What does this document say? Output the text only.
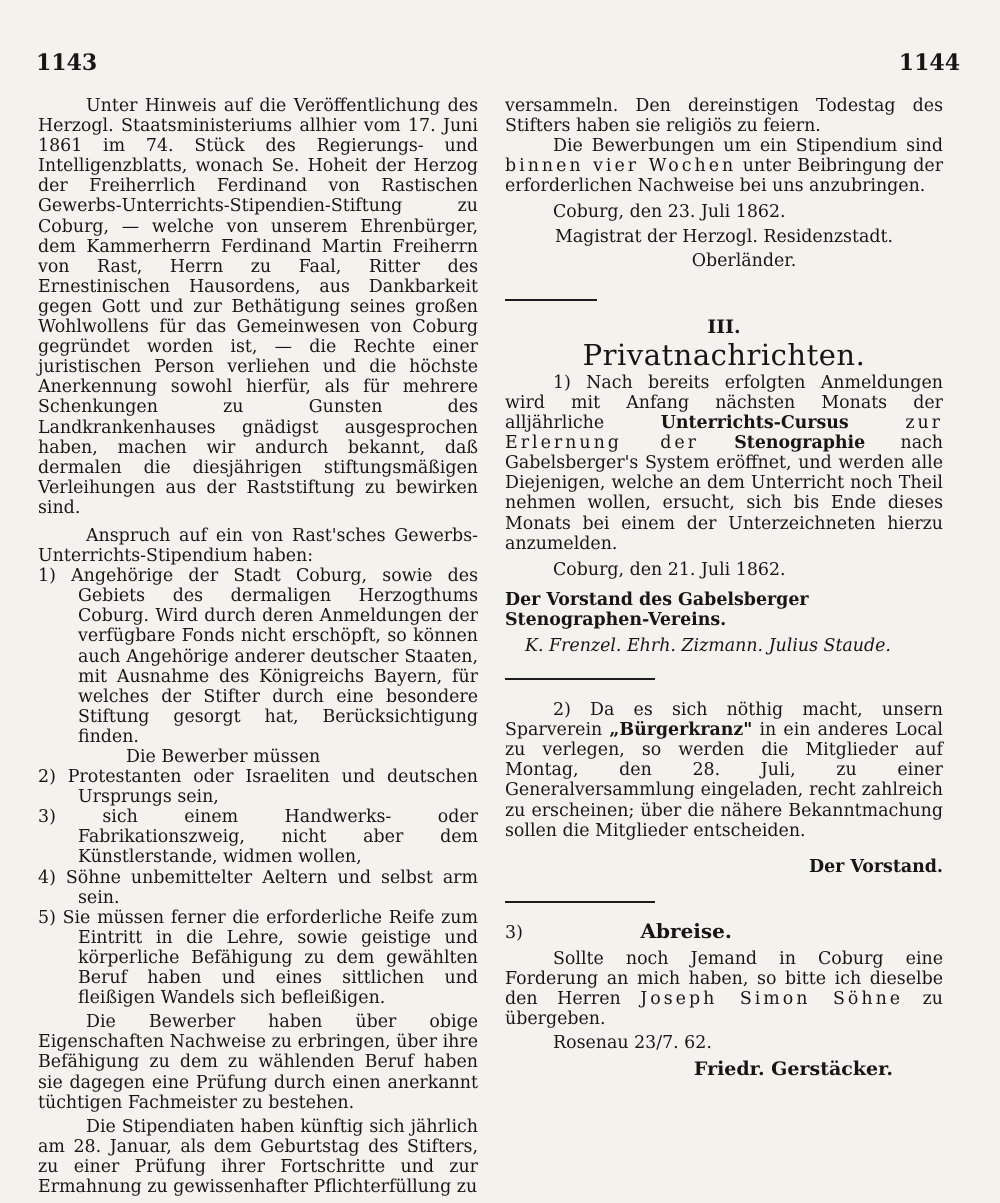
1143	1144

Unter Hinweis auf die Veröffentlichung des Herzogl. Staatsministeriums allhier vom 17. Juni 1861 im 74. Stück des Regierungs- und Intelligenzblatts, wonach Se. Hoheit der Herzog der Freiherrlich Ferdinand von Rastischen Gewerbs-Unterrichts-Stipendien-Stiftung zu Coburg, — welche von unserem Ehrenbürger, dem Kammerherrn Ferdinand Martin Freiherrn von Rast, Herrn zu Faal, Ritter des Ernestinischen Hausordens, aus Dankbarkeit gegen Gott und zur Bethätigung seines großen Wohlwollens für das Gemeinwesen von Coburg gegründet worden ist, — die Rechte einer juristischen Person verliehen und die höchste Anerkennung sowohl hierfür, als für mehrere Schenkungen zu Gunsten des Landkrankenhauses gnädigst ausgesprochen haben, machen wir andurch bekannt, daß dermalen die diesjährigen stiftungsmäßigen Verleihungen aus der Raststiftung zu bewirken sind.

Anspruch auf ein von Rast'sches Gewerbs-Unterrichts-Stipendium haben:

1) Angehörige der Stadt Coburg, sowie des Gebiets des dermaligen Herzogthums Coburg. Wird durch deren Anmeldungen der verfügbare Fonds nicht erschöpft, so können auch Angehörige anderer deutscher Staaten, mit Ausnahme des Königreichs Bayern, für welches der Stifter durch eine besondere Stiftung gesorgt hat, Berücksichtigung finden.

Die Bewerber müssen

2) Protestanten oder Israeliten und deutschen Ursprungs sein,

3) sich einem Handwerks- oder Fabrikationszweig, nicht aber dem Künstlerstande, widmen wollen,

4) Söhne unbemittelter Aeltern und selbst arm sein.

5) Sie müssen ferner die erforderliche Reife zum Eintritt in die Lehre, sowie geistige und körperliche Befähigung zu dem gewählten Beruf haben und eines sittlichen und fleißigen Wandels sich befleißigen.

Die Bewerber haben über obige Eigenschaften Nachweise zu erbringen, über ihre Befähigung zu dem zu wählenden Beruf haben sie dagegen eine Prüfung durch einen anerkannt tüchtigen Fachmeister zu bestehen.

Die Stipendiaten haben künftig sich jährlich am 28. Januar, als dem Geburtstag des Stifters, zu einer Prüfung ihrer Fortschritte und zur Ermahnung zu gewissenhafter Pflichterfüllung zu

versammeln. Den dereinstigen Todestag des Stifters haben sie religiös zu feiern.

Die Bewerbungen um ein Stipendium sind binnen vier Wochen unter Beibringung der erforderlichen Nachweise bei uns anzubringen.

Coburg, den 23. Juli 1862.

Magistrat der Herzogl. Residenzstadt.

Oberländer.

III.

Privatnachrichten.

1) Nach bereits erfolgten Anmeldungen wird mit Anfang nächsten Monats der alljährliche	Unterrichts-Cursus	zur Erlernung der Stenographie nach Gabelsberger's System eröffnet, und werden alle Diejenigen, welche an dem Unterricht noch Theil nehmen wollen, ersucht, sich bis Ende dieses Monats bei einem der Unterzeichneten hierzu anzumelden.

Coburg, den 21. Juli 1862.

Der Vorstand des Gabelsberger Stenographen-Vereins.

K. Frenzel. Ehrh. Zizmann. Julius Staude.

2) Da es sich nöthig macht, unsern Sparverein „Bürgerkranz" in ein anderes Local zu verlegen, so werden die Mitglieder auf Montag, den 28. Juli, zu einer Generalversammlung eingeladen, recht zahlreich zu erscheinen; über die nähere Bekanntmachung sollen die Mitglieder entscheiden.

Der Vorstand.

3)	Abreise.

Sollte noch Jemand in Coburg eine Forderung an mich haben, so bitte ich dieselbe den Herren Joseph Simon Söhne zu übergeben.

Rosenau 23/7. 62.

Friedr. Gerstäcker.
